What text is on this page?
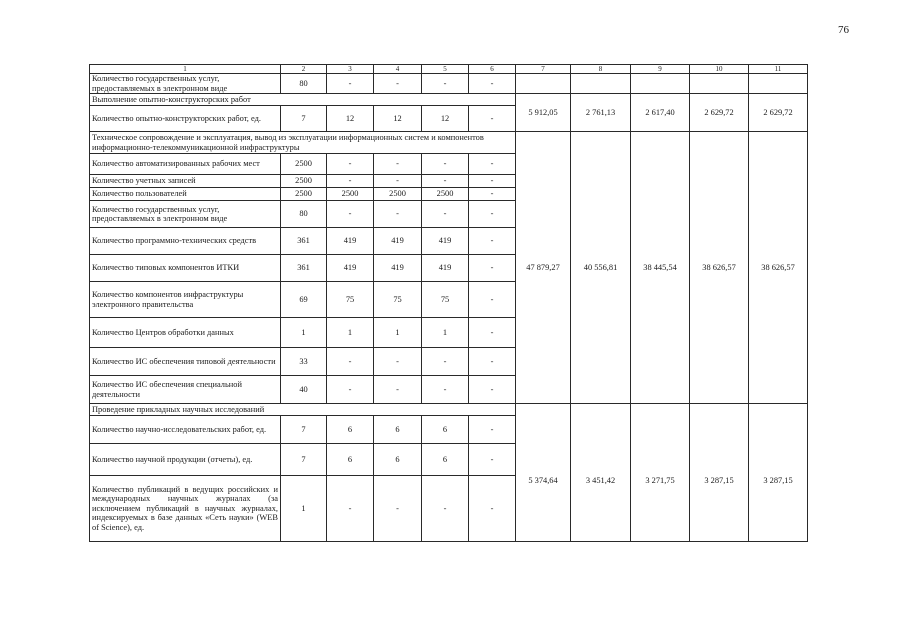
76
1	2	3	4	5	6	7	8	9	10	11
Количество государственных услуг, предоставляемых в электронном виде	80	-	-	-	-					
Выполнение опытно-конструкторских работ						5 912,05	2 761,13	2 617,40	2 629,72	2 629,72
Количество опытно-конструкторских работ, ед.	7	12	12	12	-					
Техническое сопровождение и эксплуатация, вывод из эксплуатации информационных систем и компонентов информационно-телекоммуникационной инфраструктуры						47 879,27	40 556,81	38 445,54	38 626,57	38 626,57
Количество автоматизированных рабочих мест	2500	-	-	-	-					
Количество учетных записей	2500	-	-	-	-					
Количество пользователей	2500	2500	2500	2500	-					
Количество государственных услуг, предоставляемых в электронном виде	80	-	-	-	-					
Количество программно-технических средств	361	419	419	419	-					
Количество типовых компонентов ИТКИ	361	419	419	419	-					
Количество компонентов инфраструктуры электронного правительства	69	75	75	75	-					
Количество Центров обработки данных	1	1	1	1	-					
Количество ИС обеспечения типовой деятельности	33	-	-	-	-					
Количество ИС обеспечения специальной деятельности	40	-	-	-	-					
Проведение прикладных научных исследований						5 374,64	3 451,42	3 271,75	3 287,15	3 287,15
Количество научно-исследовательских работ, ед.	7	6	6	6	-					
Количество научной продукции (отчеты), ед.	7	6	6	6	-					
Количество публикаций в ведущих российских и международных научных журналах (за исключением публикаций в научных журналах, индексируемых в базе данных «Сеть науки» (WEB of Science), ед.	1	-	-	-	-					
